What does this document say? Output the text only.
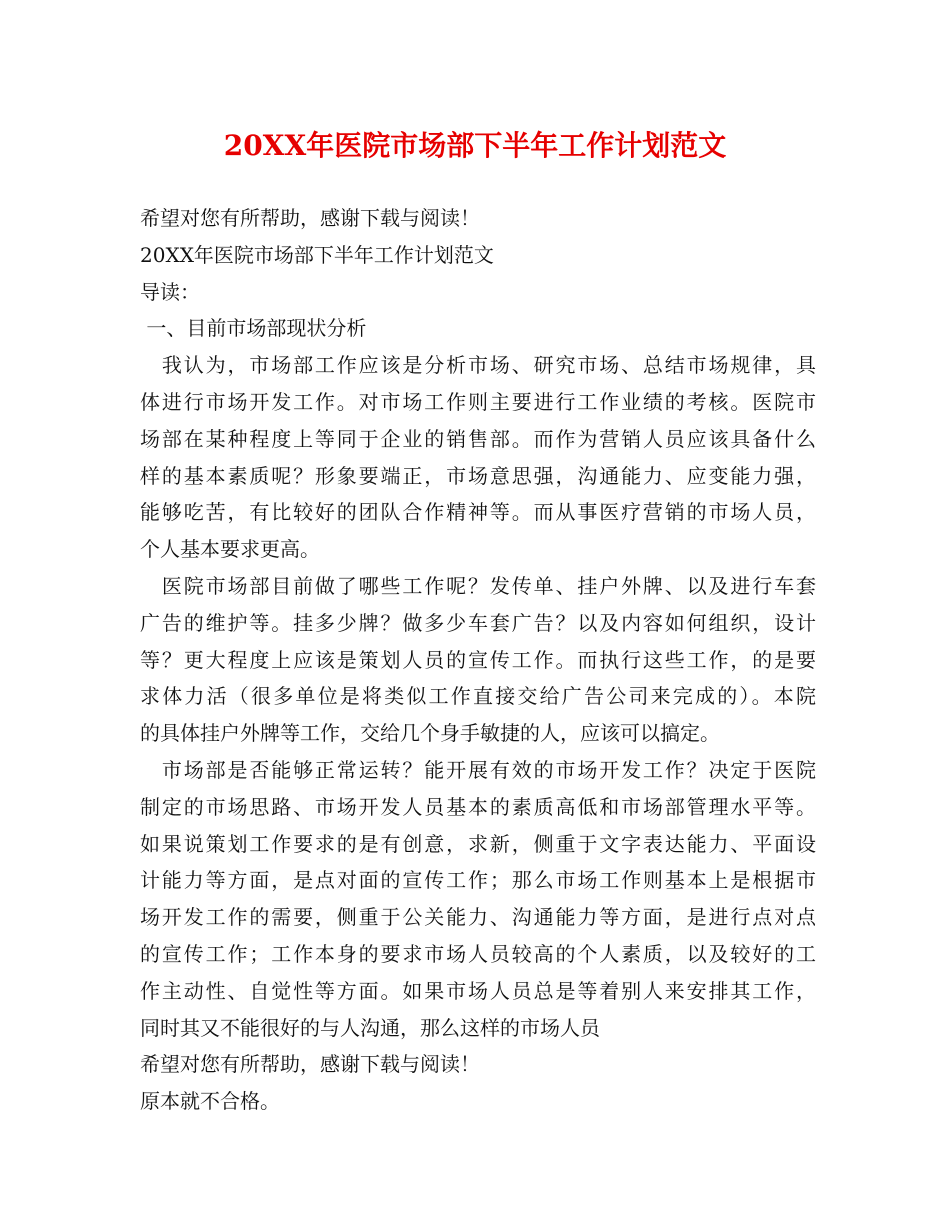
20XX年医院市场部下半年工作计划范文
希望对您有所帮助，感谢下载与阅读！
20XX年医院市场部下半年工作计划范文
导读：
一、目前市场部现状分析
　我认为，市场部工作应该是分析市场、研究市场、总结市场规律，具
体进行市场开发工作。对市场工作则主要进行工作业绩的考核。医院市
场部在某种程度上等同于企业的销售部。而作为营销人员应该具备什么
样的基本素质呢？形象要端正，市场意思强，沟通能力、应变能力强，
能够吃苦，有比较好的团队合作精神等。而从事医疗营销的市场人员，
个人基本要求更高。
　医院市场部目前做了哪些工作呢？发传单、挂户外牌、以及进行车套
广告的维护等。挂多少牌？做多少车套广告？以及内容如何组织，设计
等？更大程度上应该是策划人员的宣传工作。而执行这些工作，的是要
求体力活（很多单位是将类似工作直接交给广告公司来完成的）。本院
的具体挂户外牌等工作，交给几个身手敏捷的人，应该可以搞定。
　市场部是否能够正常运转？能开展有效的市场开发工作？决定于医院
制定的市场思路、市场开发人员基本的素质高低和市场部管理水平等。
如果说策划工作要求的是有创意，求新，侧重于文字表达能力、平面设
计能力等方面，是点对面的宣传工作；那么市场工作则基本上是根据市
场开发工作的需要，侧重于公关能力、沟通能力等方面，是进行点对点
的宣传工作；工作本身的要求市场人员较高的个人素质，以及较好的工
作主动性、自觉性等方面。如果市场人员总是等着别人来安排其工作，
同时其又不能很好的与人沟通，那么这样的市场人员
希望对您有所帮助，感谢下载与阅读！
原本就不合格。
